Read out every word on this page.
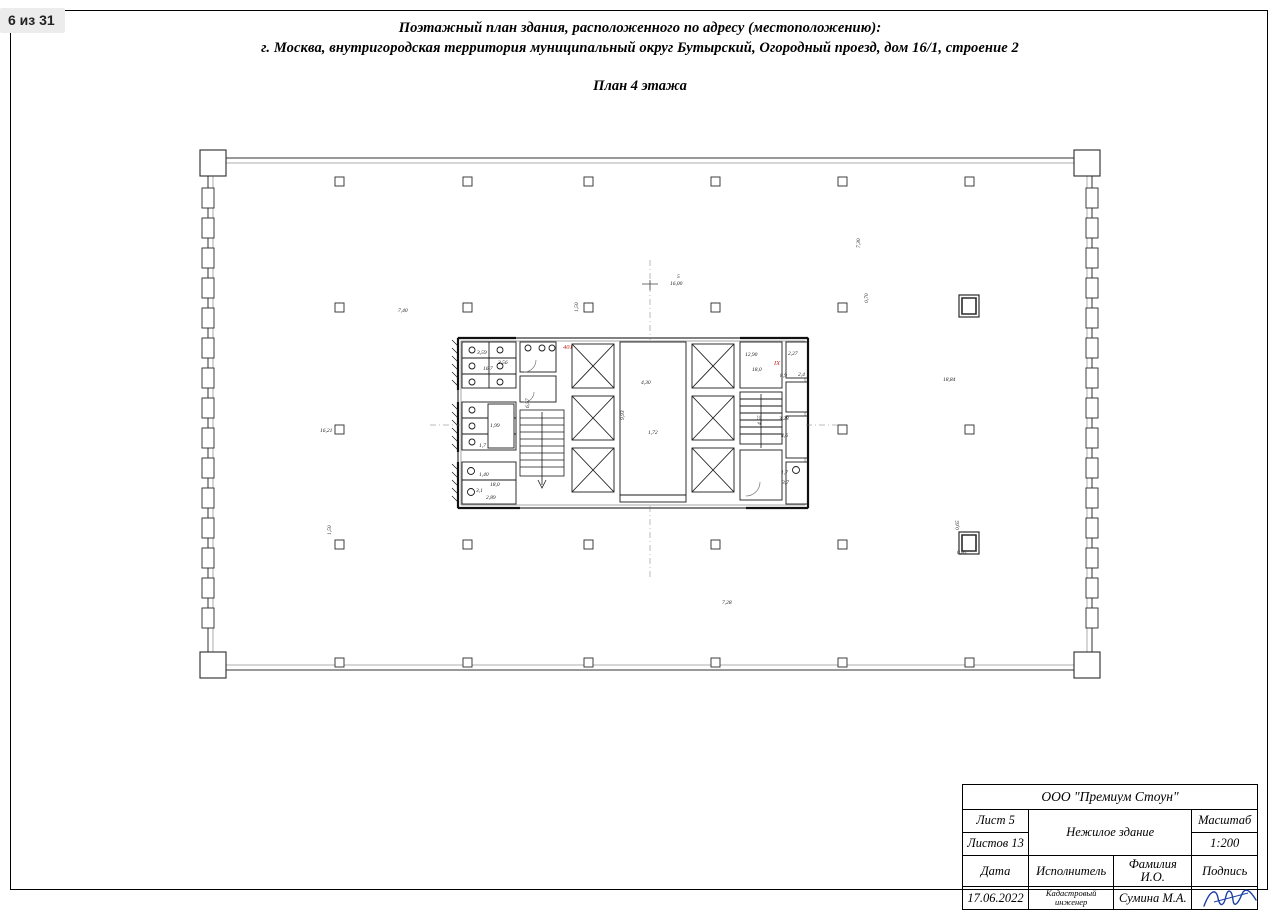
6 из 31	Поэтажный план здания, расположенного по адресу (местоположению):
г. Москва, внутригородская территория муниципальный округ Бутырский, Огородный проезд, дом 16/1, строение 2
План 4 этажа
7,40	1,50
7,30
16,00
5
0,70
18,84
16,21
1,50
0,85
0,65
7,28
3,59
16,7
12,90
18,0
2,27
8,9
4,30
9,93
1,72
6,57
1,99
1,7
1,40
18,0
2,89
3,1
4,55	3,28
4,6
3,7
1,7
2,4
3,56
401
IX
ООО "Премиум Стоун"			
Лист 5	Нежилое здание		Масштаб
Листов 13			1:200
Дата	Исполнитель	Фамилия И.О.	Подпись
17.06.2022	Кадастровый инженер	Сумина М.А.	
